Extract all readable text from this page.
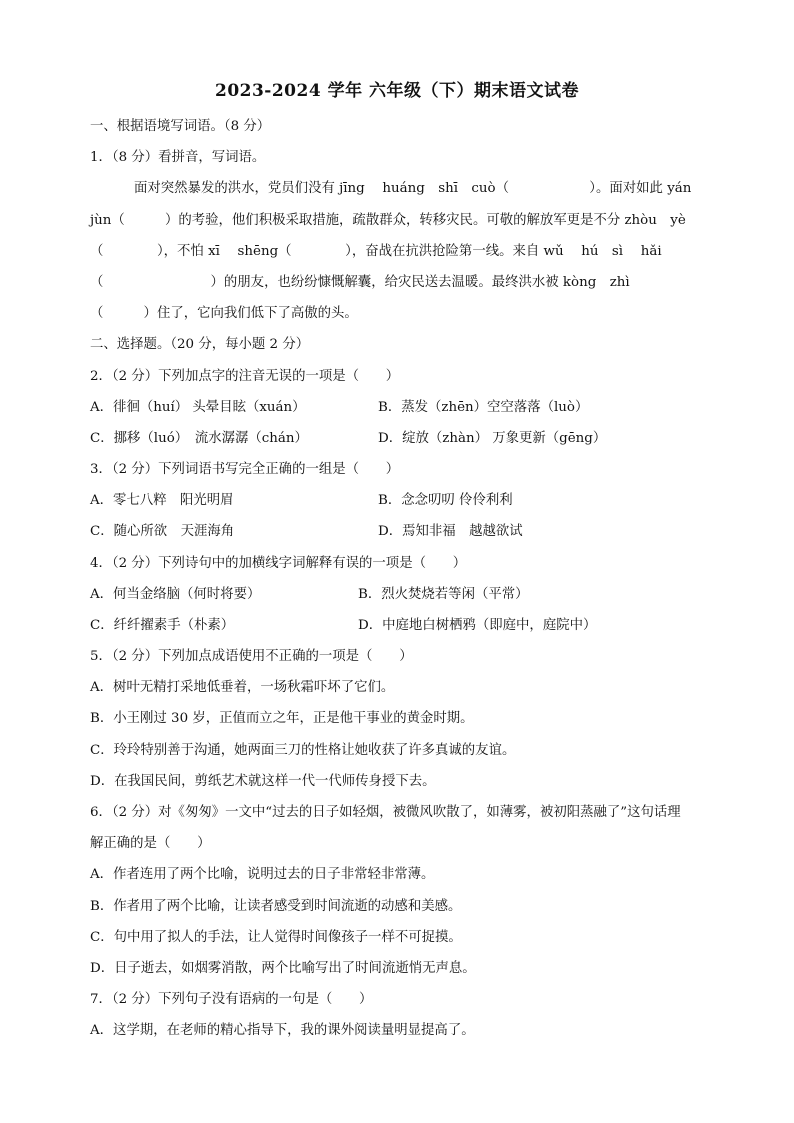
2023-2024 学年 六年级（下）期末语文试卷
一、根据语境写词语。（8 分）
1．（8 分）看拼音，写词语。
面对突然暴发的洪水，党员们没有 jīng　 huáng　shī　cuò（　　　　　　）。面对如此 yán
jùn（　　　）的考验，他们积极采取措施，疏散群众，转移灾民。可敬的解放军更是不分 zhòu　yè
（　　　　），不怕 xī　 shēng（　　　　），奋战在抗洪抢险第一线。来自 wǔ　 hú　sì　 hǎi
（　　　　　　　　）的朋友，也纷纷慷慨解囊，给灾民送去温暖。最终洪水被 kòng　zhì
（　　　）住了，它向我们低下了高傲的头。
二、选择题。（20 分，每小题 2 分）
2．（2 分）下列加点字的注音无误的一项是（　　）
A．徘徊（huí） 头晕目眩（xuán）	B．蒸发（zhēn）空空落落（luò）
C．挪移（luó）　流水潺潺（chán）	D．绽放（zhàn） 万象更新（gēng）
3．（2 分）下列词语书写完全正确的一组是（　　）
A．零七八粹　阳光明眉	B．念念叨叨 伶伶利利
C．随心所欲　天涯海角	D．焉知非福　越越欲试
4．（2 分）下列诗句中的加横线字词解释有误的一项是（　　）
A．何当金络脑（何时将要）	B．烈火焚烧若等闲（平常）
C．纤纤擢素手（朴素）	D．中庭地白树栖鸦（即庭中，庭院中）
5．（2 分）下列加点成语使用不正确的一项是（　　）
A．树叶无精打采地低垂着，一场秋霜吓坏了它们。
B．小王刚过 30 岁，正值而立之年，正是他干事业的黄金时期。
C．玲玲特别善于沟通，她两面三刀的性格让她收获了许多真诚的友谊。
D．在我国民间，剪纸艺术就这样一代一代师传身授下去。
6．（2 分）对《匆匆》一文中“过去的日子如轻烟，被微风吹散了，如薄雾，被初阳蒸融了”这句话理
解正确的是（　　）
A．作者连用了两个比喻，说明过去的日子非常轻非常薄。
B．作者用了两个比喻，让读者感受到时间流逝的动感和美感。
C．句中用了拟人的手法，让人觉得时间像孩子一样不可捉摸。
D．日子逝去，如烟雾消散，两个比喻写出了时间流逝悄无声息。
7．（2 分）下列句子没有语病的一句是（　　）
A．这学期，在老师的精心指导下，我的课外阅读量明显提高了。
